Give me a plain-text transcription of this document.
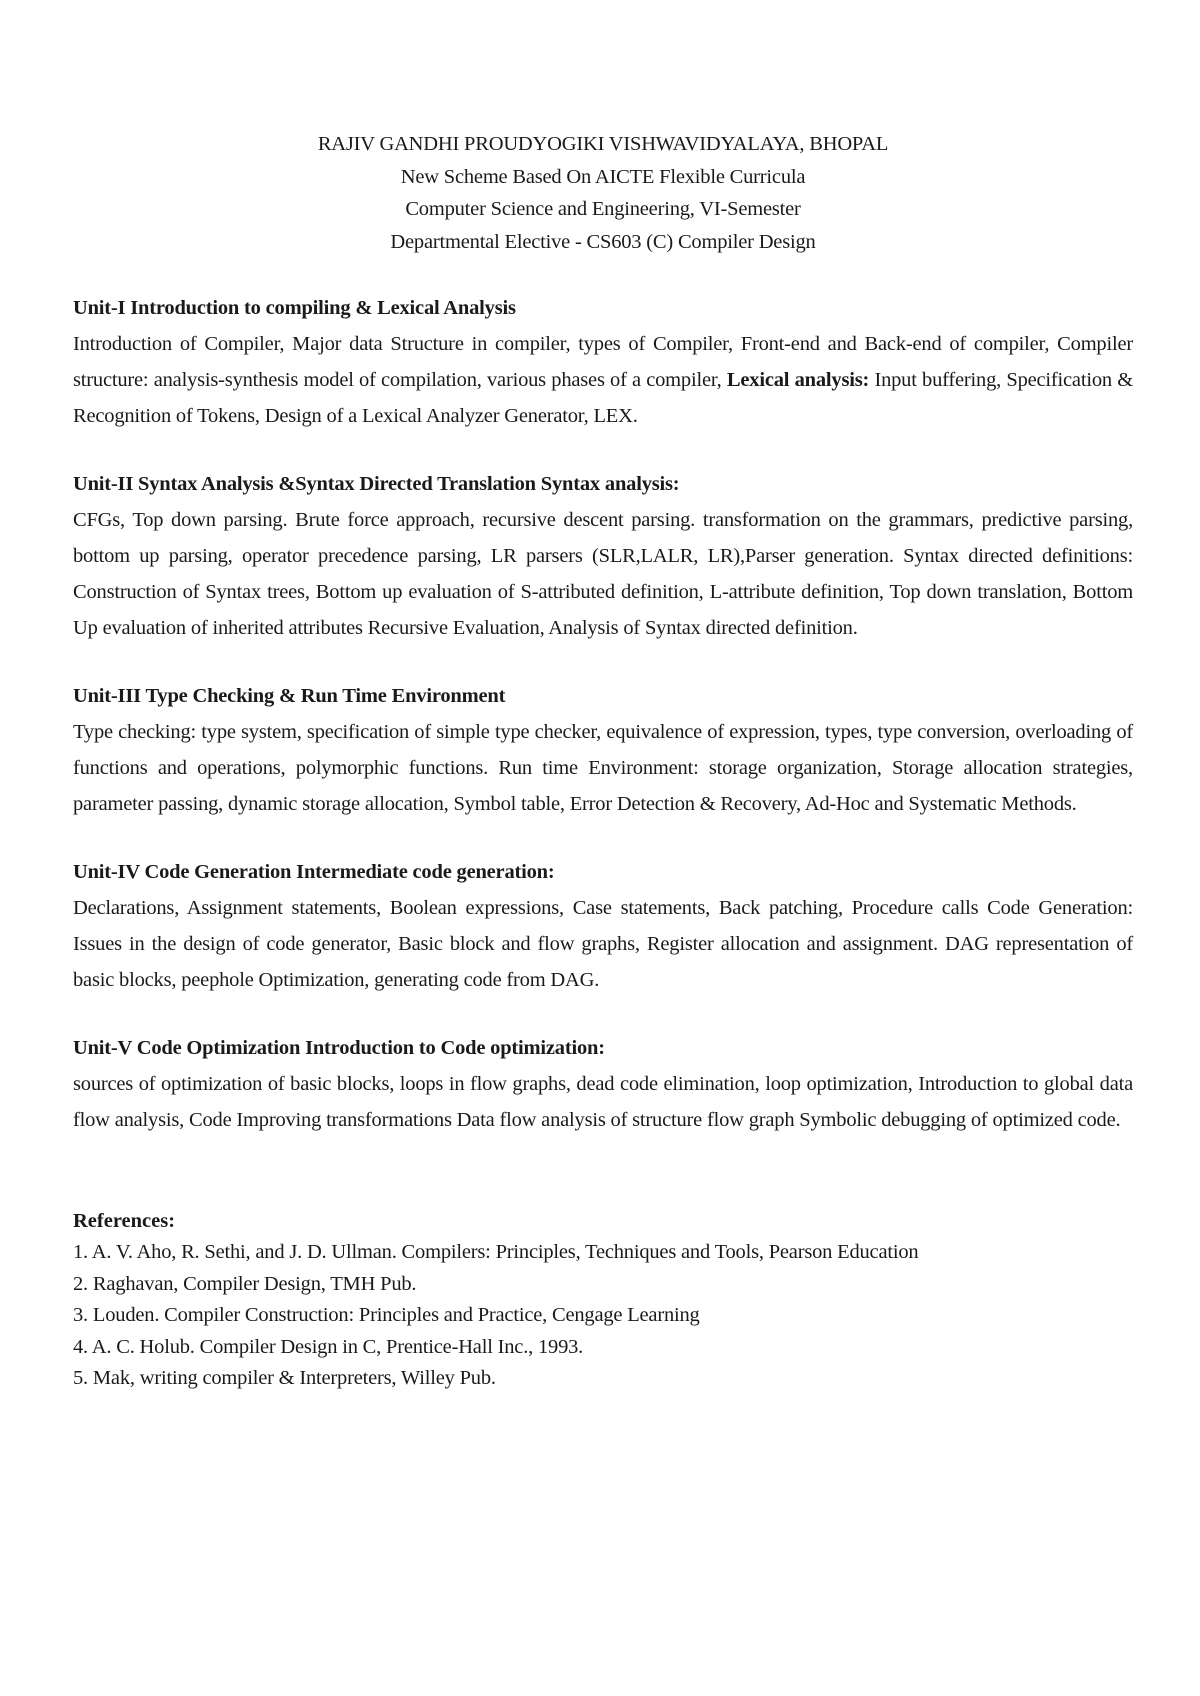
RAJIV GANDHI PROUDYOGIKI VISHWAVIDYALAYA, BHOPAL
New Scheme Based On AICTE Flexible Curricula
Computer Science and Engineering, VI-Semester
Departmental Elective - CS603 (C) Compiler Design
Unit-I Introduction to compiling & Lexical Analysis
Introduction of Compiler, Major data Structure in compiler, types of Compiler, Front-end and Back-end of compiler, Compiler structure: analysis-synthesis model of compilation, various phases of a compiler, Lexical analysis: Input buffering, Specification & Recognition of Tokens, Design of a Lexical Analyzer Generator, LEX.
Unit-II Syntax Analysis &Syntax Directed Translation Syntax analysis:
CFGs, Top down parsing. Brute force approach, recursive descent parsing. transformation on the grammars, predictive parsing, bottom up parsing, operator precedence parsing, LR parsers (SLR,LALR, LR),Parser generation. Syntax directed definitions: Construction of Syntax trees, Bottom up evaluation of S-attributed definition, L-attribute definition, Top down translation, Bottom Up evaluation of inherited attributes Recursive Evaluation, Analysis of Syntax directed definition.
Unit-III Type Checking & Run Time Environment
Type checking: type system, specification of simple type checker, equivalence of expression, types, type conversion, overloading of functions and operations, polymorphic functions. Run time Environment: storage organization, Storage allocation strategies, parameter passing, dynamic storage allocation, Symbol table, Error Detection & Recovery, Ad-Hoc and Systematic Methods.
Unit-IV Code Generation Intermediate code generation:
Declarations, Assignment statements, Boolean expressions, Case statements, Back patching, Procedure calls Code Generation: Issues in the design of code generator, Basic block and flow graphs, Register allocation and assignment. DAG representation of basic blocks, peephole Optimization, generating code from DAG.
Unit-V Code Optimization Introduction to Code optimization:
sources of optimization of basic blocks, loops in flow graphs, dead code elimination, loop optimization, Introduction to global data flow analysis, Code Improving transformations Data flow analysis of structure flow graph Symbolic debugging of optimized code.
References:
1. A. V. Aho, R. Sethi, and J. D. Ullman. Compilers: Principles, Techniques and Tools, Pearson Education
2. Raghavan, Compiler Design, TMH Pub.
3. Louden. Compiler Construction: Principles and Practice, Cengage Learning
4. A. C. Holub. Compiler Design in C, Prentice-Hall Inc., 1993.
5. Mak, writing compiler & Interpreters, Willey Pub.
